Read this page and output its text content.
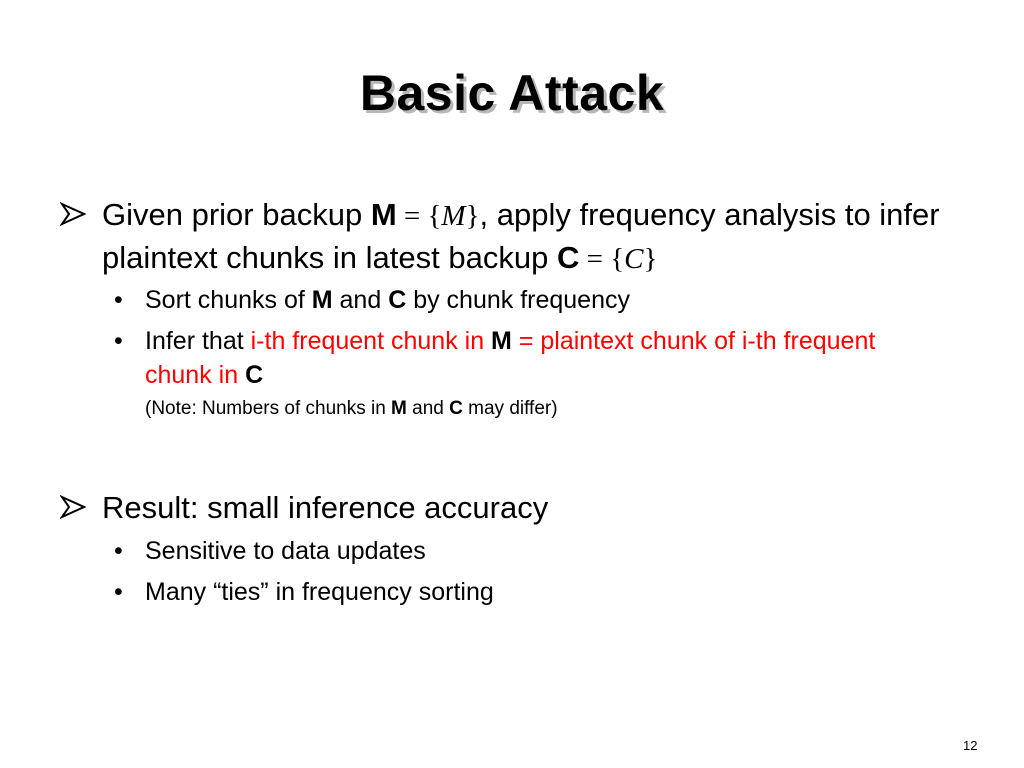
Basic Attack
Given prior backup M = {M}, apply frequency analysis to infer plaintext chunks in latest backup C = {C}
• Sort chunks of M and C by chunk frequency
• Infer that i-th frequent chunk in M = plaintext chunk of i-th frequent chunk in C
(Note: Numbers of chunks in M and C may differ)
Result: small inference accuracy
• Sensitive to data updates
• Many “ties” in frequency sorting
12
